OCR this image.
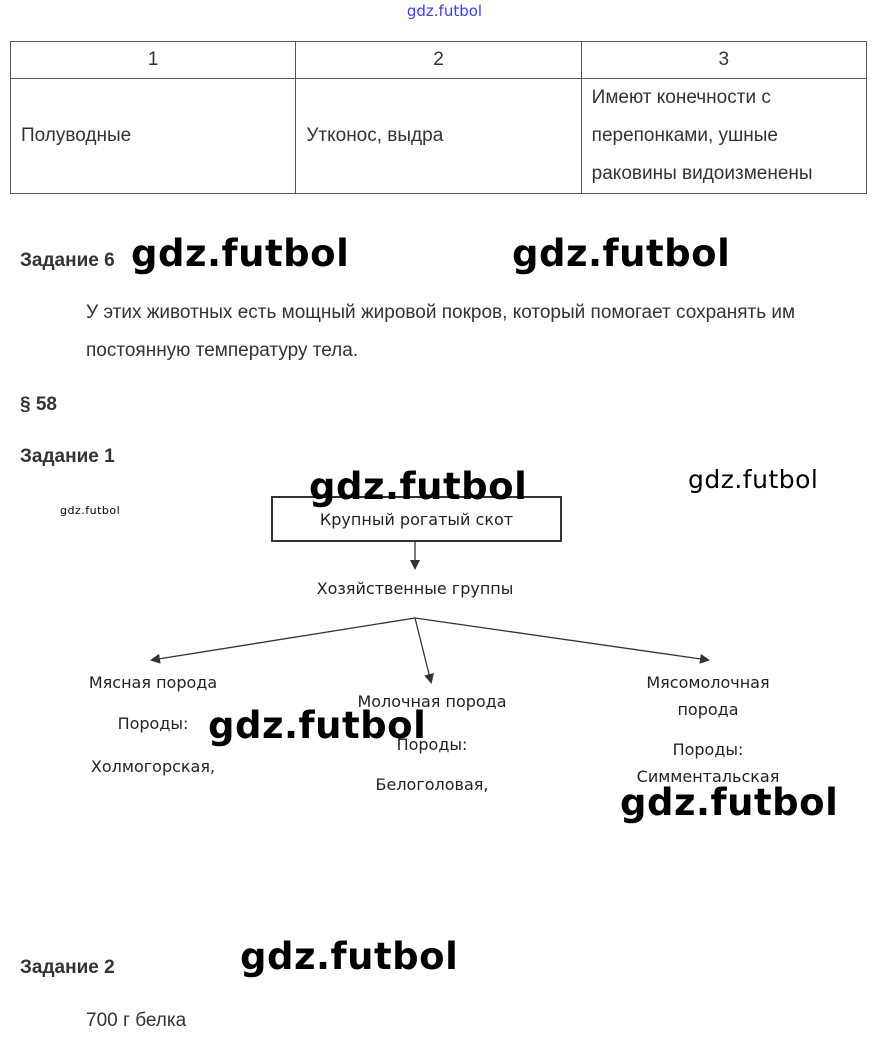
gdz.futbol
1	2	3
Полуводные	Утконос, выдра	Имеют конечности с перепонками, ушные раковины видоизменены
Задание 6 gdz.futbol	gdz.futbol
У этих животных есть мощный жировой покров, который помогает сохранять им постоянную температуру тела.
§ 58
Задание 1
gdz.futbol
gdz.futbol
Крупный рогатый скот
gdz.futbol
Хозяйственные группы
Мясная порода
Породы:
Холмогорская,
Молочная порода
Породы:
Белоголовая,
Мясомолочная
порода
Породы:
Симментальская
gdz.futbol
gdz.futbol
Задание 2	gdz.futbol
700 г белка
